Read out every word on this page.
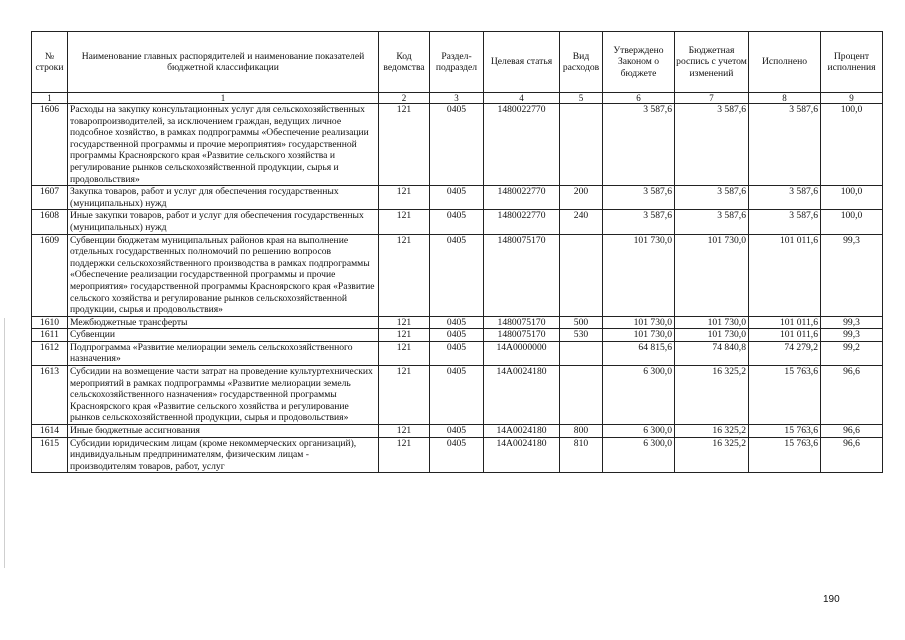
№ строки	Наименование главных распорядителей и наименование показателей бюджетной классификации	Код ведомства	Раздел-подраздел	Целевая статья	Вид расходов	Утверждено Законом о бюджете	Бюджетная роспись с учетом изменений	Исполнено	Процент исполнения
1	1	2	3	4	5	6	7	8	9
1606	Расходы на закупку консультационных услуг для сельскохозяйственных товаропроизводителей, за исключением граждан, ведущих личное подсобное хозяйство, в рамках подпрограммы «Обеспечение реализации государственной программы и прочие мероприятия» государственной программы Красноярского края «Развитие сельского хозяйства и регулирование рынков сельскохозяйственной продукции, сырья и продовольствия»	121	0405	1480022770		3 587,6	3 587,6	3 587,6	100,0
1607	Закупка товаров, работ и услуг для обеспечения государственных (муниципальных) нужд	121	0405	1480022770	200	3 587,6	3 587,6	3 587,6	100,0
1608	Иные закупки товаров, работ и услуг для обеспечения государственных (муниципальных) нужд	121	0405	1480022770	240	3 587,6	3 587,6	3 587,6	100,0
1609	Субвенции бюджетам муниципальных районов края на выполнение отдельных государственных полномочий по решению вопросов поддержки сельскохозяйственного производства в рамках подпрограммы «Обеспечение реализации государственной программы и прочие мероприятия» государственной программы Красноярского края «Развитие сельского хозяйства и регулирование рынков сельскохозяйственной продукции, сырья и продовольствия»	121	0405	1480075170		101 730,0	101 730,0	101 011,6	99,3
1610	Межбюджетные трансферты	121	0405	1480075170	500	101 730,0	101 730,0	101 011,6	99,3
1611	Субвенции	121	0405	1480075170	530	101 730,0	101 730,0	101 011,6	99,3
1612	Подпрограмма «Развитие мелиорации земель сельскохозяйственного назначения»	121	0405	14А0000000		64 815,6	74 840,8	74 279,2	99,2
1613	Субсидии на возмещение части затрат на проведение культуртехнических мероприятий в рамках подпрограммы «Развитие мелиорации земель сельскохозяйственного назначения» государственной программы Красноярского края «Развитие сельского хозяйства и регулирование рынков сельскохозяйственной продукции, сырья и продовольствия»	121	0405	14А0024180		6 300,0	16 325,2	15 763,6	96,6
1614	Иные бюджетные ассигнования	121	0405	14А0024180	800	6 300,0	16 325,2	15 763,6	96,6
1615	Субсидии юридическим лицам (кроме некоммерческих организаций), индивидуальным предпринимателям, физическим лицам - производителям товаров, работ, услуг	121	0405	14А0024180	810	6 300,0	16 325,2	15 763,6	96,6
190
